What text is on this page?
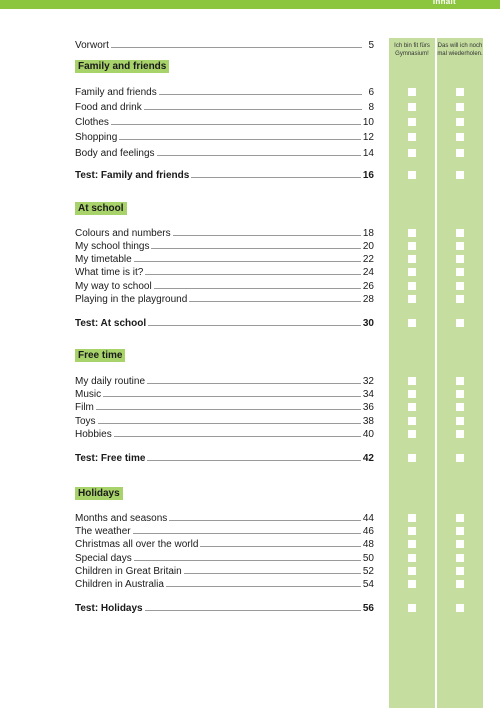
Inhalt
Ich bin fit fürs Gymnasium!
Das will ich noch mal wiederholen.
Vorwort	5
Family and friends
Family and friends	6
Food and drink	8
Clothes	10
Shopping	12
Body and feelings	14
Test: Family and friends	16
At school
Colours and numbers	18
My school things	20
My timetable	22
What time is it?	24
My way to school	26
Playing in the playground	28
Test: At school	30
Free time
My daily routine	32
Music	34
Film	36
Toys	38
Hobbies	40
Test: Free time	42
Holidays
Months and seasons	44
The weather	46
Christmas all over the world	48
Special days	50
Children in Great Britain	52
Children in Australia	54
Test: Holidays	56
